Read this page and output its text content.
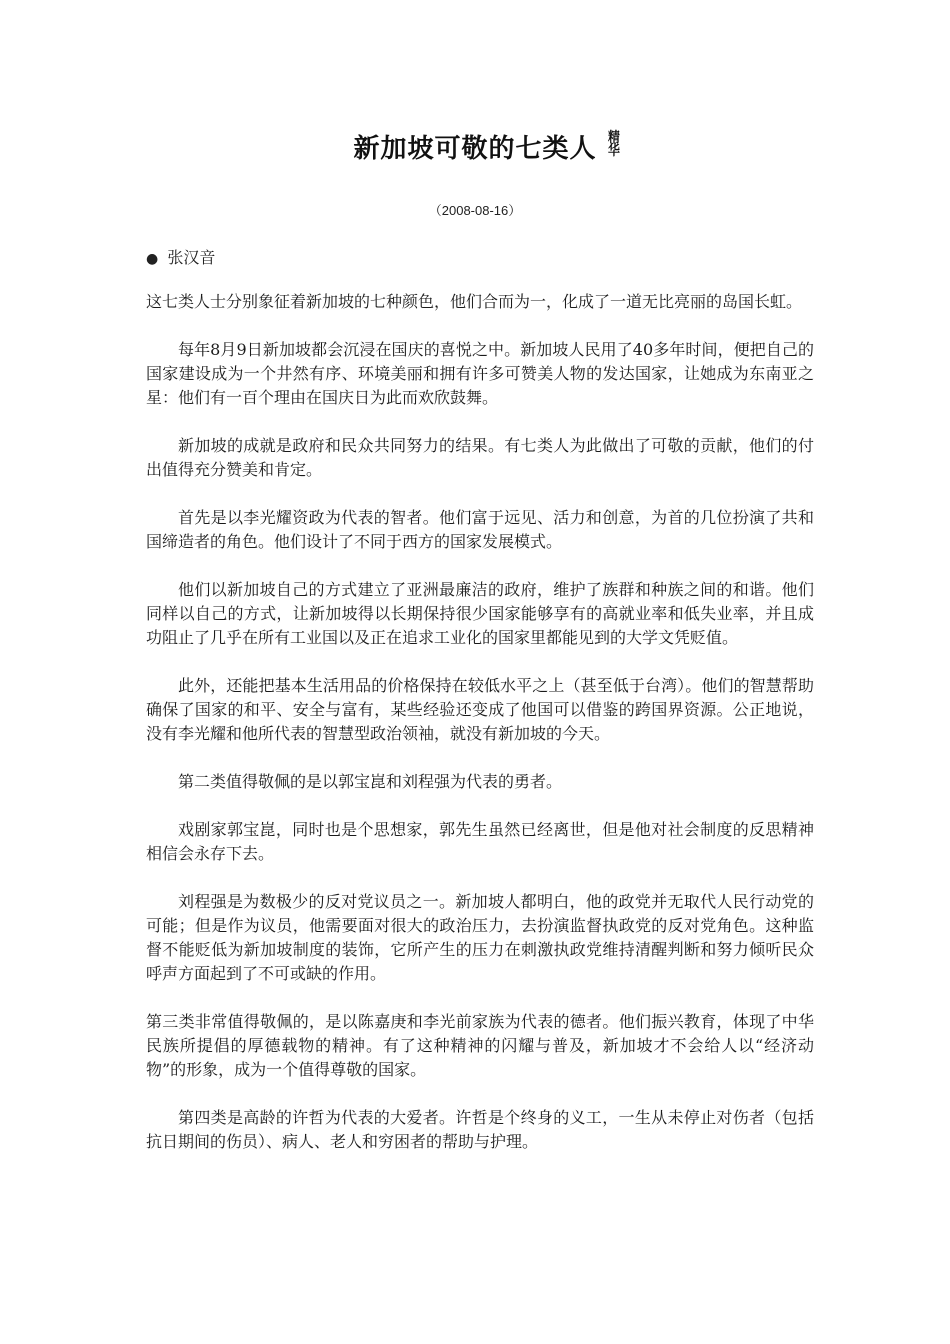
新加坡可敬的七类人 精华
（2008-08-16）
● 张汉音

这七类人士分别象征着新加坡的七种颜色，他们合而为一，化成了一道无比亮丽的岛国长虹。

每年8月9日新加坡都会沉浸在国庆的喜悦之中。新加坡人民用了40多年时间，便把自己的国家建设成为一个井然有序、环境美丽和拥有许多可赞美人物的发达国家，让她成为东南亚之星：他们有一百个理由在国庆日为此而欢欣鼓舞。

新加坡的成就是政府和民众共同努力的结果。有七类人为此做出了可敬的贡献，他们的付出值得充分赞美和肯定。

首先是以李光耀资政为代表的智者。他们富于远见、活力和创意，为首的几位扮演了共和国缔造者的角色。他们设计了不同于西方的国家发展模式。

他们以新加坡自己的方式建立了亚洲最廉洁的政府，维护了族群和种族之间的和谐。他们同样以自己的方式，让新加坡得以长期保持很少国家能够享有的高就业率和低失业率，并且成功阻止了几乎在所有工业国以及正在追求工业化的国家里都能见到的大学文凭贬值。

此外，还能把基本生活用品的价格保持在较低水平之上（甚至低于台湾）。他们的智慧帮助确保了国家的和平、安全与富有，某些经验还变成了他国可以借鉴的跨国界资源。公正地说，没有李光耀和他所代表的智慧型政治领袖，就没有新加坡的今天。

第二类值得敬佩的是以郭宝崑和刘程强为代表的勇者。

戏剧家郭宝崑，同时也是个思想家，郭先生虽然已经离世，但是他对社会制度的反思精神相信会永存下去。

刘程强是为数极少的反对党议员之一。新加坡人都明白，他的政党并无取代人民行动党的可能；但是作为议员，他需要面对很大的政治压力，去扮演监督执政党的反对党角色。这种监督不能贬低为新加坡制度的装饰，它所产生的压力在刺激执政党维持清醒判断和努力倾听民众呼声方面起到了不可或缺的作用。

第三类非常值得敬佩的，是以陈嘉庚和李光前家族为代表的德者。他们振兴教育，体现了中华民族所提倡的厚德载物的精神。有了这种精神的闪耀与普及，新加坡才不会给人以“经济动物”的形象，成为一个值得尊敬的国家。

第四类是高龄的许哲为代表的大爱者。许哲是个终身的义工，一生从未停止对伤者（包括抗日期间的伤员）、病人、老人和穷困者的帮助与护理。
